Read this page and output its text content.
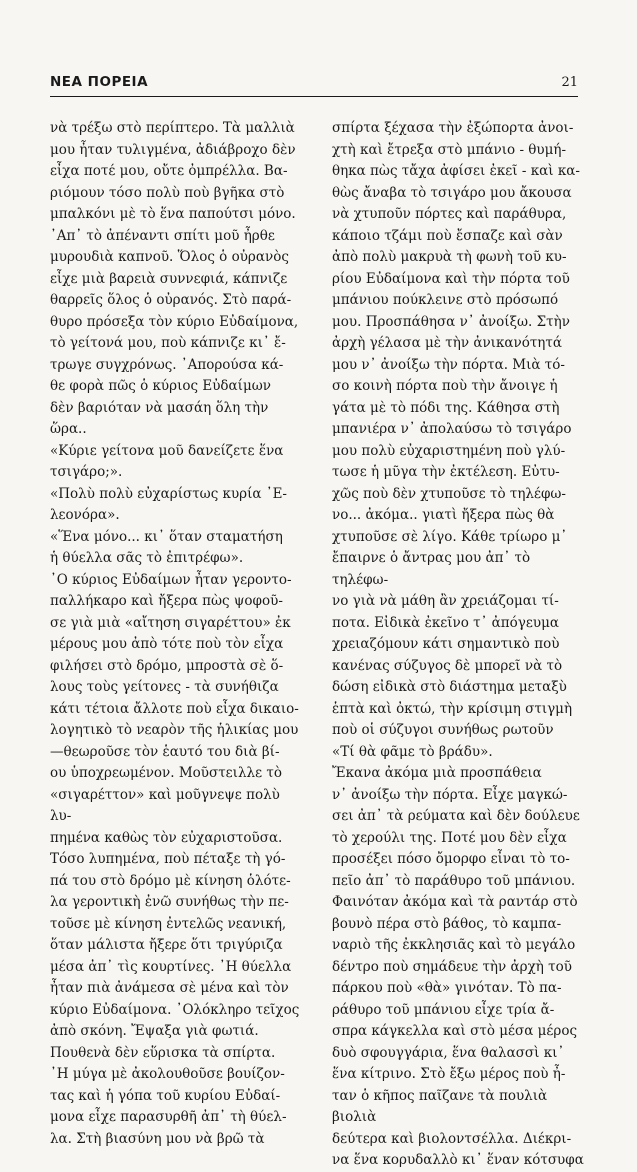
ΝΕΑ ΠΟΡΕΙΑ	21

νὰ τρέξω στὸ περίπτερο. Τὰ μαλλιὰ

μου ἦταν τυλιγμένα, ἀδιάβροχο δὲν

εἶχα ποτέ μου, οὔτε ὀμπρέλλα. Βα-

ριόμουν τόσο πολὺ ποὺ βγῆκα στὸ

μπαλκόνι μὲ τὸ ἕνα παπούτσι μόνο.

᾿Απ᾿ τὸ ἀπέναντι σπίτι μοῦ ἦρθε

μυρουδιὰ καπνοῦ. Ὅλος ὁ οὐρανὸς

εἶχε μιὰ βαρειὰ συννεφιά, κάπνιζε

θαρρεῖς ὅλος ὁ οὐρανός. Στὸ παρά-

θυρο πρόσεξα τὸν κύριο Εὐδαίμονα,

τὸ γείτονά μου, ποὺ κάπνιζε κι᾿ ἔ-

τρωγε συγχρόνως. ᾿Απορούσα κά-

θε φορὰ πῶς ὁ κύριος Εὐδαίμων

δὲν βαριόταν νὰ μασάη ὅλη τὴν

ὥρα..

«Κύριε γείτονα μοῦ δανείζετε ἕνα

τσιγάρο;».

«Πολὺ πολὺ εὐχαρίστως κυρία ᾿Ε-

λεονόρα».

«Ἕνα μόνο... κι᾿ ὅταν σταματήση

ἡ θύελλα σᾶς τὸ ἐπιτρέφω».

᾿Ο κύριος Εὐδαίμων ἦταν γεροντο-

παλλήκαρο καὶ ἤξερα πὼς ψοφοῦ-

σε γιὰ μιὰ «αἴτηση σιγαρέττου» ἐκ

μέρους μου ἀπὸ τότε ποὺ τὸν εἶχα

φιλήσει στὸ δρόμο, μπροστὰ σὲ ὅ-

λους τοὺς γείτονες - τὰ συνήθιζα

κάτι τέτοια ἄλλοτε ποὺ εἶχα δικαιο-

λογητικὸ τὸ νεαρὸν τῆς ἡλικίας μου

—θεωροῦσε τὸν ἑαυτό του διὰ βί-

ου ὑποχρεωμένον. Μοῦστειλλε τὸ

«σιγαρέττον» καὶ μοῦγνεψε πολὺ λυ-

πημένα καθὼς τὸν εὐχαριστοῦσα.

Τόσο λυπημένα, ποὺ πέταξε τὴ γό-

πά του στὸ δρόμο μὲ κίνηση ὁλότε-

λα γεροντικὴ ἐνῶ συνήθως τὴν πε-

τοῦσε μὲ κίνηση ἐντελῶς νεανική,

ὅταν μάλιστα ἤξερε ὅτι τριγύριζα

μέσα ἀπ᾿ τὶς κουρτίνες. ᾿Η θύελλα

ἦταν πιὰ ἀνάμεσα σὲ μένα καὶ τὸν

κύριο Εὐδαίμονα. ᾿Ολόκληρο τεῖχος

ἀπὸ σκόνη. Ἔψαξα γιὰ φωτιά.

Πουθενὰ δὲν εὕρισκα τὰ σπίρτα.

᾿Η μύγα μὲ ἀκολουθοῦσε βουίζον-

τας καὶ ἡ γόπα τοῦ κυρίου Εὐδαί-

μονα εἶχε παρασυρθῆ ἀπ᾿ τὴ θύελ-

λα. Στὴ βιασύνη μου νὰ βρῶ τὰ

σπίρτα ξέχασα τὴν ἐξώπορτα ἀνοι-

χτὴ καὶ ἔτρεξα στὸ μπάνιο - θυμή-

θηκα πὼς τἄχα ἀφίσει ἐκεῖ - καὶ κα-

θὼς ἄναβα τὸ τσιγάρο μου ἄκουσα

νὰ χτυποῦν πόρτες καὶ παράθυρα,

κάποιο τζάμι ποὺ ἔσπαζε καὶ σὰν

ἀπὸ πολὺ μακρυὰ τὴ φωνὴ τοῦ κυ-

ρίου Εὐδαίμονα καὶ τὴν πόρτα τοῦ

μπάνιου πούκλεινε στὸ πρόσωπό

μου. Προσπάθησα ν᾿ ἀνοίξω. Στὴν

ἀρχὴ γέλασα μὲ τὴν ἀνικανότητά

μου ν᾿ ἀνοίξω τὴν πόρτα. Μιὰ τό-

σο κοινὴ πόρτα ποὺ τὴν ἄνοιγε ἡ

γάτα μὲ τὸ πόδι της. Κάθησα στὴ

μπανιέρα ν᾿ ἀπολαύσω τὸ τσιγάρο

μου πολὺ εὐχαριστημένη ποὺ γλύ-

τωσε ἡ μῦγα τὴν ἐκτέλεση. Εὐτυ-

χῶς ποὺ δὲν χτυποῦσε τὸ τηλέφω-

νο... ἀκόμα.. γιατὶ ἤξερα πὼς θὰ

χτυποῦσε σὲ λίγο. Κάθε τρίωρο μ᾿

ἔπαιρνε ὁ ἄντρας μου ἀπ᾿ τὸ τηλέφω-

νο γιὰ νὰ μάθη ἂν χρειάζομαι τί-

ποτα. Εἰδικὰ ἐκεῖνο τ᾿ ἀπόγευμα

χρειαζόμουν κάτι σημαντικὸ ποὺ

κανένας σύζυγος δὲ μπορεῖ νὰ τὸ

δώση εἰδικὰ στὸ διάστημα μεταξὺ

ἑπτὰ καὶ ὀκτώ, τὴν κρίσιμη στιγμὴ

ποὺ οἱ σύζυγοι συνήθως ρωτοῦν

«Τί θὰ φᾶμε τὸ βράδυ».

Ἔκανα ἀκόμα μιὰ προσπάθεια

ν᾿ ἀνοίξω τὴν πόρτα. Εἶχε μαγκώ-

σει ἀπ᾿ τὰ ρεύματα καὶ δὲν δούλευε

τὸ χερούλι της. Ποτέ μου δὲν εἶχα

προσέξει πόσο ὄμορφο εἶναι τὸ το-

πεῖο ἀπ᾿ τὸ παράθυρο τοῦ μπάνιου.

Φαινόταν ἀκόμα καὶ τὰ ραντάρ στὸ

βουνὸ πέρα στὸ βάθος, τὸ καμπα-

ναριὸ τῆς ἐκκλησιᾶς καὶ τὸ μεγάλο

δέντρο ποὺ σημάδευε τὴν ἀρχὴ τοῦ

πάρκου ποὺ «θὰ» γινόταν. Τὸ πα-

ράθυρο τοῦ μπάνιου εἶχε τρία ἄ-

σπρα κάγκελλα καὶ στὸ μέσα μέρος

δυὸ σφουγγάρια, ἕνα θαλασσὶ κι᾿

ἕνα κίτρινο. Στὸ ἔξω μέρος ποὺ ἦ-

ταν ὁ κῆπος παῖζανε τὰ πουλιὰ βιολιὰ

δεύτερα καὶ βιολοντσέλλα. Διέκρι-

να ἕνα κορυδαλλὸ κι᾿ ἕναν κότσυφα
